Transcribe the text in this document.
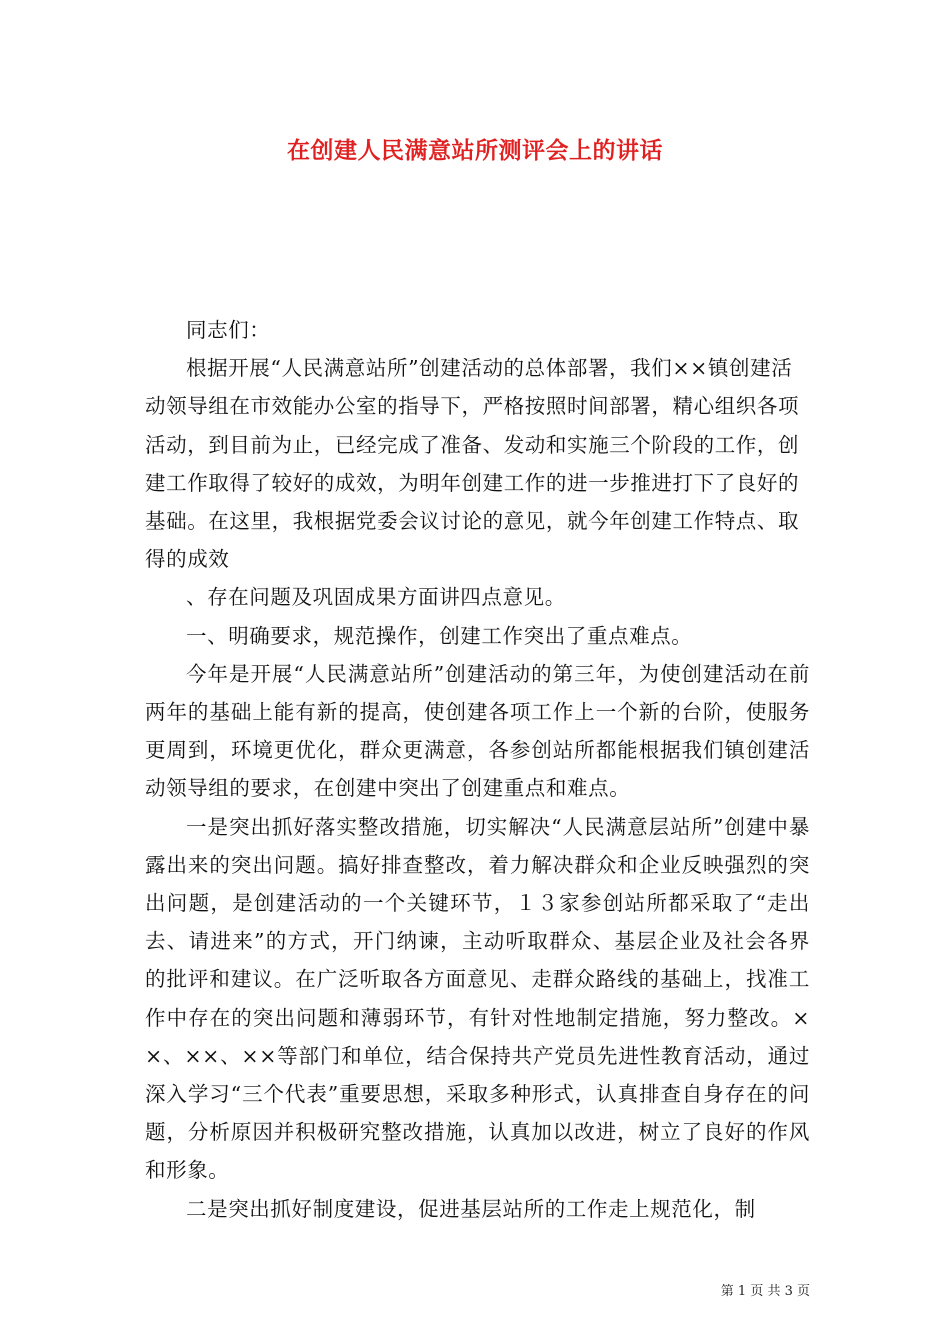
在创建人民满意站所测评会上的讲话

同志们：

根据开展“人民满意站所”创建活动的总体部署，我们××镇创建活动领导组在市效能办公室的指导下，严格按照时间部署，精心组织各项活动，到目前为止，已经完成了准备、发动和实施三个阶段的工作，创建工作取得了较好的成效，为明年创建工作的进一步推进打下了良好的基础。在这里，我根据党委会议讨论的意见，就今年创建工作特点、取得的成效

、存在问题及巩固成果方面讲四点意见。

一、明确要求，规范操作，创建工作突出了重点难点。

今年是开展“人民满意站所”创建活动的第三年，为使创建活动在前两年的基础上能有新的提高，使创建各项工作上一个新的台阶，使服务更周到，环境更优化，群众更满意，各参创站所都能根据我们镇创建活动领导组的要求，在创建中突出了创建重点和难点。

一是突出抓好落实整改措施，切实解决“人民满意层站所”创建中暴露出来的突出问题。搞好排查整改，着力解决群众和企业反映强烈的突出问题，是创建活动的一个关键环节，１３家参创站所都采取了“走出去、请进来”的方式，开门纳谏，主动听取群众、基层企业及社会各界的批评和建议。在广泛听取各方面意见、走群众路线的基础上，找准工作中存在的突出问题和薄弱环节，有针对性地制定措施，努力整改。××、××、××等部门和单位，结合保持共产党员先进性教育活动，通过深入学习“三个代表”重要思想，采取多种形式，认真排查自身存在的问题，分析原因并积极研究整改措施，认真加以改进，树立了良好的作风和形象。

二是突出抓好制度建设，促进基层站所的工作走上规范化，制

第 1 页 共 3 页
